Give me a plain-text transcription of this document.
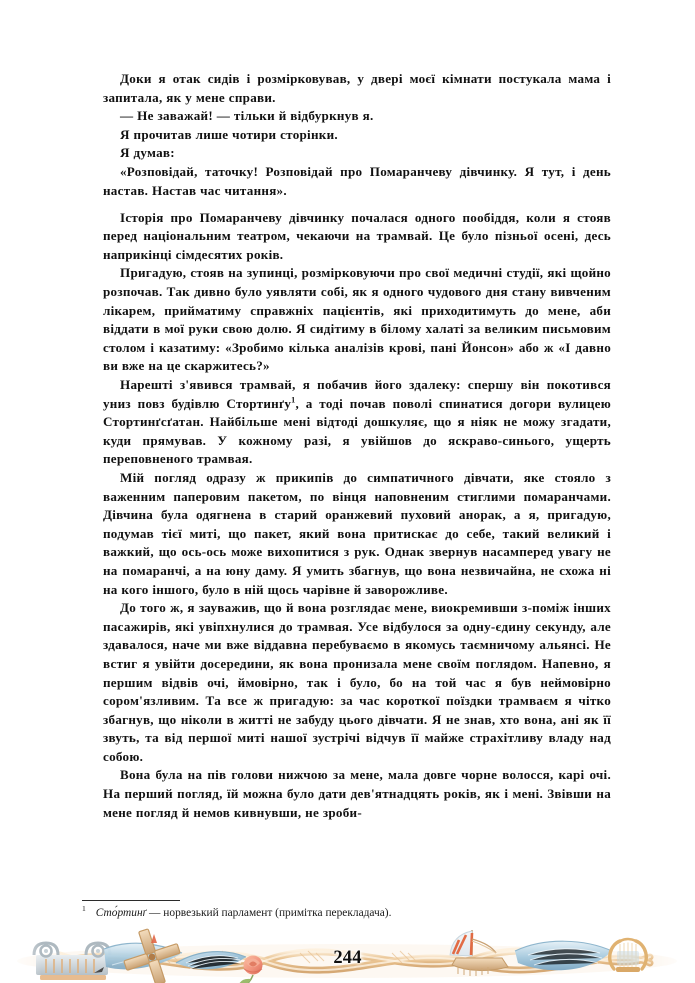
Доки я отак сидів і розмірковував, у двері моєї кімнати постукала мама і запитала, як у мене справи.

— Не заважай! — тільки й відбуркнув я.

Я прочитав лише чотири сторінки.

Я думав:

«Розповідай, таточку! Розповідай про Помаранчеву дівчинку. Я тут, і день настав. Настав час читання».

Історія про Помаранчеву дівчинку почалася одного пообіддя, коли я стояв перед національним театром, чекаючи на трамвай. Це було пізньої осені, десь наприкінці сімдесятих років.

Пригадую, стояв на зупинці, розмірковуючи про свої медичні студії, які щойно розпочав. Так дивно було уявляти собі, як я одного чудового дня стану вивченим лікарем, прийматиму справжніх пацієнтів, які приходитимуть до мене, аби віддати в мої руки свою долю. Я сидітиму в білому халаті за великим письмовим столом і казатиму: «Зробимо кілька аналізів крові, пані Йонсон» або ж «І давно ви вже на це скаржитесь?»

Нарешті з'явився трамвай, я побачив його здалеку: спершу він покотився униз повз будівлю Стортинґу$^1$, а тоді почав поволі спинатися догори вулицею Стортинґсґатан. Найбільше мені відтоді дошкуляє, що я ніяк не можу згадати, куди прямував. У кожному разі, я увійшов до яскраво-синього, ущерть переповненого трамвая.

Мій погляд одразу ж прикипів до симпатичного дівчати, яке стояло з важенним паперовим пакетом, по вінця наповненим стиглими помаранчами. Дівчина була одягнена в старий оранжевий пуховий анорак, а я, пригадую, подумав тієї миті, що пакет, який вона притискає до себе, такий великий і важкий, що ось-ось може вихопитися з рук. Однак звернув насамперед увагу не на помаранчі, а на юну даму. Я умить збагнув, що вона незвичайна, не схожа ні на кого іншого, було в ній щось чарівне й заворожливе.

До того ж, я зауважив, що й вона розглядає мене, виокремивши з-поміж інших пасажирів, які увіпхнулися до трамвая. Усе відбулося за одну-єдину секунду, але здавалося, наче ми вже віддавна перебуваємо в якомусь таємничому альянсі. Не встиг я увійти досередини, як вона пронизала мене своїм поглядом. Напевно, я першим відвів очі, ймовірно, так і було, бо на той час я був неймовірно сором'язливим. Та все ж пригадую: за час короткої поїздки трамваєм я чітко збагнув, що ніколи в житті не забуду цього дівчати. Я не знав, хто вона, ані як її звуть, та від першої миті нашої зустрічі відчув її майже страхітливу владу над собою.

Вона була на пів голови нижчою за мене, мала довге чорне волосся, карі очі. На перший погляд, їй можна було дати дев'ятнадцять років, як і мені. Звівши на мене погляд й немов кивнувши, не зроби-

$^1$ Сто́ртинґ — норвезький парламент (примітка перекладача).

244
